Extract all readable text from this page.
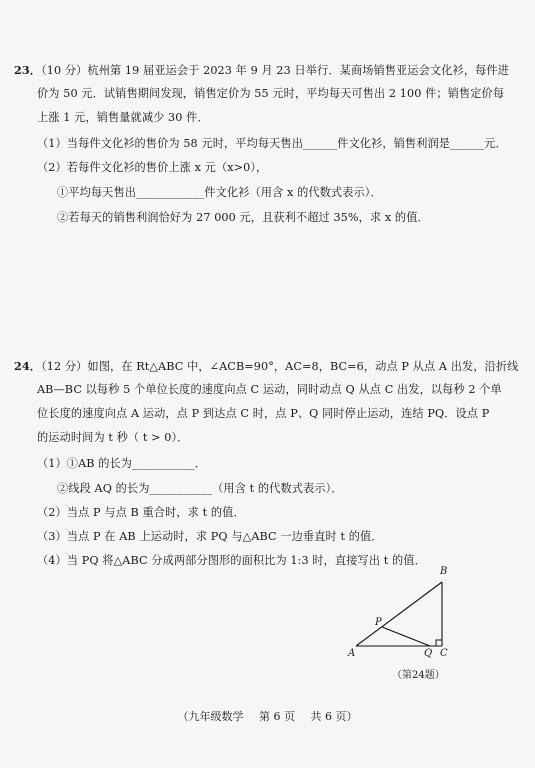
23．（10 分）杭州第 19 届亚运会于 2023 年 9 月 23 日举行．某商场销售亚运会文化衫，每件进
价为 50 元．试销售期间发现，销售定价为 55 元时，平均每天可售出 2 100 件；销售定价每
上涨 1 元，销售量就减少 30 件．
（1）当每件文化衫的售价为 58 元时，平均每天售出______件文化衫，销售利润是______元．
（2）若每件文化衫的售价上涨 x 元（x>0），
①平均每天售出____________件文化衫（用含 x 的代数式表示）．
②若每天的销售利润恰好为 27 000 元，且获利不超过 35%，求 x 的值．
24．（12 分）如图，在 Rt△ABC 中，∠ACB=90°，AC=8，BC=6，动点 P 从点 A 出发，沿折线
AB—BC 以每秒 5 个单位长度的速度向点 C 运动，同时动点 Q 从点 C 出发，以每秒 2 个单
位长度的速度向点 A 运动，点 P 到达点 C 时，点 P、Q 同时停止运动，连结 PQ．设点 P
的运动时间为 t 秒（ t > 0）．
（1）①AB 的长为___________．
②线段 AQ 的长为___________（用含 t 的代数式表示）．
（2）当点 P 与点 B 重合时，求 t 的值．
（3）当点 P 在 AB 上运动时，求 PQ 与△ABC 一边垂直时 t 的值．
（4）当 PQ 将△ABC 分成两部分图形的面积比为 1:3 时，直接写出 t 的值．
A
B
C
P
Q
（第24题）
（九年级数学 第 6 页 共 6 页）
